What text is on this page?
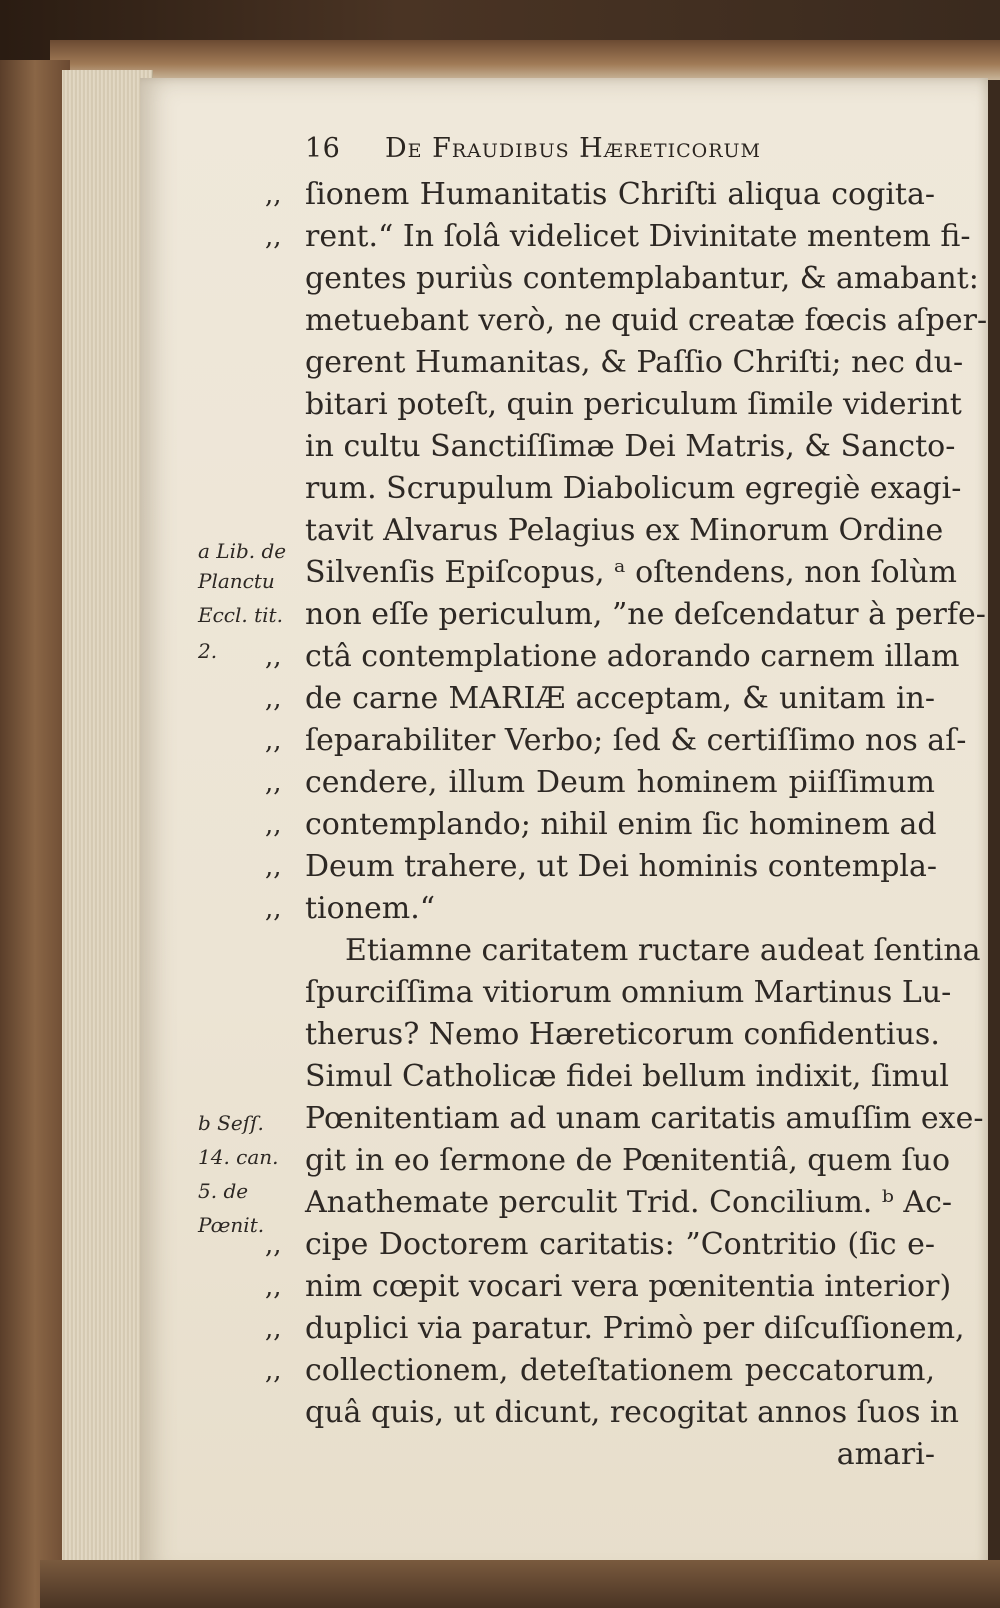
16 De Fraudibus Hæreticorum
,,
,,
,,
,,
,,
,,
,,
,,
,,
,,
,,
,,
,,
ſionem Humanitatis Chriſti aliqua cogita-
rent.“ In ſolâ videlicet Divinitate mentem fi-
gentes puriùs contemplabantur, & amabant:
metuebant verò, ne quid creatæ fœcis aſper-
gerent Humanitas, & Paſſio Chriſti; nec du-
bitari poteſt, quin periculum ſimile viderint
in cultu Sanctiſſimæ Dei Matris, & Sancto-
rum. Scrupulum Diabolicum egregiè exagi-
tavit Alvarus Pelagius ex Minorum Ordine
Silvenſis Epiſcopus, ᵃ oſtendens, non ſolùm
non eſſe periculum, ”ne deſcendatur à perfe-
ctâ contemplatione adorando carnem illam
de carne MARIÆ acceptam, & unitam in-
ſeparabiliter Verbo; ſed & certiſſimo nos aſ-
cendere, illum Deum hominem piiſſimum
contemplando; nihil enim ſic hominem ad
Deum trahere, ut Dei hominis contempla-
tionem.“
Etiamne caritatem ructare audeat ſentina
ſpurciſſima vitiorum omnium Martinus Lu-
therus? Nemo Hæreticorum confidentius.
Simul Catholicæ fidei bellum indixit, ſimul
Pœnitentiam ad unam caritatis amuſſim exe-
git in eo ſermone de Pœnitentiâ, quem ſuo
Anathemate perculit Trid. Concilium. ᵇ Ac-
cipe Doctorem caritatis: ”Contritio (ſic e-
nim cœpit vocari vera pœnitentia interior)
duplici via paratur. Primò per diſcuſſionem,
collectionem, deteſtationem peccatorum,
quâ quis, ut dicunt, recogitat annos ſuos in
amari-
a Lib. de
Planctu
Eccl. tit.
2.
b Seſſ.
14. can.
5. de
Pœnit.
